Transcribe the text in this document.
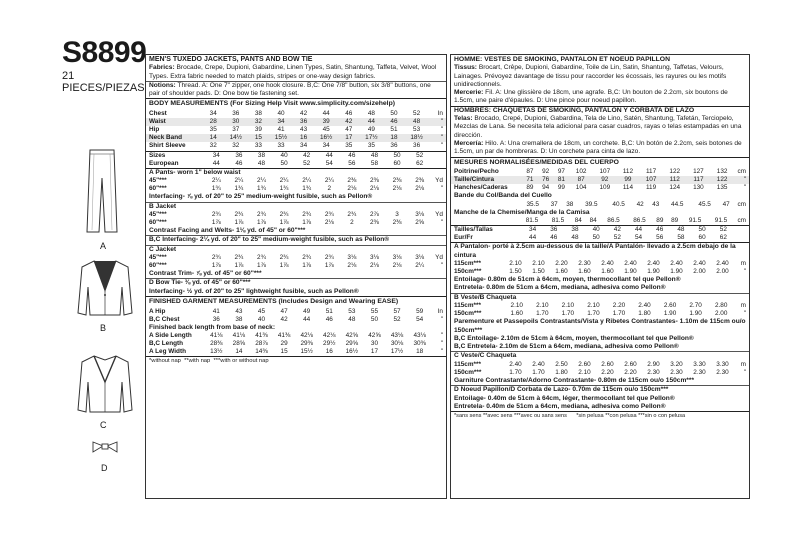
S8899
21 PIECES/PIEZAS
A
B
C
D
MEN'S TUXEDO JACKETS, PANTS AND BOW TIE
Fabrics: Brocade, Crepe, Dupioni, Gabardine, Linen Types, Satin, Shantung, Taffeta, Velvet, Wool Types. Extra fabric needed to match plaids, stripes or one-way design fabrics.
Notions: Thread. A: One 7" zipper, one hook closure. B,C: One 7/8" button, six 3/8" buttons, one pair of shoulder pads. D: One bow tie fastening set.
BODY MEASUREMENTS (For Sizing Help Visit www.simplicity.com/sizehelp)
Chest	34	36	38	40	42	44	46	48	50	52	In
Waist	28	30	32	34	36	39	42	44	46	48	"
Hip	35	37	39	41	43	45	47	49	51	53	"
Neck Band	14	14½	15	15½	16	16½	17	17½	18	18½	"
Shirt Sleeve	32	32	33	33	34	34	35	35	36	36	"
Sizes	34	36	38	40	42	44	46	48	50	52	
European	44	46	48	50	52	54	56	58	60	62	
A Pants- worn 1" below waist
45"***	2¼	2¼	2¼	2¼	2¼	2¼	2⅜	2⅜	2⅜	2⅜	Yd
60"***	1¾	1¾	1¾	1¾	1¾	2	2⅛	2⅛	2⅛	2⅛	"
Interfacing- ⅞ yd. of 20" to 25" medium-weight fusible, such as Pellon®
B Jacket
45"***	2¾	2¾	2¾	2¾	2¾	2¾	2¾	2⅞	3	3⅛	Yd
60"***	1⅞	1⅞	1⅞	1⅞	1⅞	2⅛	2	2⅜	2⅜	2⅝	"
Contrast Facing and Welts- 1⅛ yd. of 45" or 60"***
B,C Interfacing- 2¼ yd. of 20" to 25" medium-weight fusible, such as Pellon®
C Jacket
45"***	2¾	2¾	2¾	2¾	2¾	2¾	3⅛	3⅛	3⅛	3⅛	Yd
60"***	1⅞	1⅞	1⅞	1⅞	1⅞	1⅞	2⅛	2⅛	2⅛	2¼	"
Contrast Trim- ⅞ yd. of 45" or 60"***
D Bow Tie- ⅜ yd. of 45" or 60"***
Interfacing- ½ yd. of 20" to 25" lightweight fusible, such as Pellon®
FINISHED GARMENT MEASUREMENTS (Includes Design and Wearing EASE)
A Hip	41	43	45	47	49	51	53	55	57	59	In
B,C Chest	36	38	40	42	44	46	48	50	52	54	"
Finished back length from base of neck:
A Side Length	41⅛	41⅛	41⅜	41⅜	42⅛	42⅛	42⅝	42⅝	43⅛	43⅛	"
B,C Length	28⅜	28⅝	28⅞	29	29⅜	29½	29⅝	30	30⅛	30⅜	"
A Leg Width	13½	14	14⅜	15	15½	16	16½	17	17½	18	"
*without nap **with nap ***with or without nap
HOMME: VESTES DE SMOKING, PANTALON ET NOEUD PAPILLON
Tissus: Brocart, Crêpe, Dupioni, Gabardine, Toile de Lin, Satin, Shantung, Taffetas, Velours, Lainages. Prévoyez davantage de tissu pour raccorder les écossais, les rayures ou les motifs unidirectionnels.
Mercerie: Fil. A: Une glissière de 18cm, une agrafe. B,C: Un bouton de 2.2cm, six boutons de 1.5cm, une paire d'épaules. D: Une pince pour noeud papillon.
HOMBRES: CHAQUETAS DE SMOKING, PANTALÓN Y CORBATA DE LAZO
Telas: Brocado, Crepé, Dupioni, Gabardina, Tela de Lino, Satén, Shantung, Tafetán, Terciopelo, Mezclas de Lana. Se necesita tela adicional para casar cuadros, rayas o telas estampadas en una dirección.
Mercería: Hilo. A: Una cremallera de 18cm, un corchete. B,C: Un botón de 2.2cm, seis botones de 1.5cm, un par de hombreras. D: Un corchete para cinta de lazo.
MESURES NORMALISÉES/MEDIDAS DEL CUERPO
Poitrine/Pecho	87	92	97	102	107	112	117	122	127	132	cm
Taille/Cintura	71	76	81	87	92	99	107	112	117	122	"
Hanches/Caderas	89	94	99	104	109	114	119	124	130	135	"
Bande du Col/Banda del Cuello
	35.5	37	38	39.5	40.5	42	43	44.5	45.5	47	cm
Manche de la Chemise/Manga de la Camisa
	81.5	81.5	84	84	86.5	86.5	89	89	91.5	91.5	cm
Tailles/Tallas	34	36	38	40	42	44	46	48	50	52	
Eur/Fr	44	46	48	50	52	54	56	58	60	62	
A Pantalon- porté à 2.5cm au-dessous de la taille/A Pantalón- llevado a 2.5cm debajo de la cintura
115cm***	2.10	2.10	2.20	2.30	2.40	2.40	2.40	2.40	2.40	2.40	m
150cm***	1.50	1.50	1.60	1.60	1.60	1.90	1.90	1.90	2.00	2.00	"
Entoilage- 0.80m de 51cm à 64cm, moyen, thermocollant tel que Pellon®
Entretela- 0.80m de 51cm a 64cm, mediana, adhesiva como Pellon®
B Veste/B Chaqueta
115cm***	2.10	2.10	2.10	2.10	2.20	2.40	2.60	2.70	2.80	m
150cm***	1.60	1.70	1.70	1.70	1.70	1.80	1.90	1.90	2.00	"
Parementure et Passepoils Contrastants/Vista y Ribetes Contrastantes- 1.10m de 115cm ou/o 150cm***
B,C Entoilage- 2.10m de 51cm à 64cm, moyen, thermocollant tel que Pellon®
B,C Entretela- 2.10m de 51cm a 64cm, mediana, adhesiva como Pellon®
C Veste/C Chaqueta
115cm***	2.40	2.40	2.50	2.60	2.60	2.60	2.90	3.20	3.30	3.30	m
150cm***	1.70	1.70	1.80	2.10	2.20	2.20	2.30	2.30	2.30	2.30	"
Garniture Contrastante/Adorno Contrastante- 0.80m de 115cm ou/o 150cm***
D Noeud Papillon/D Corbata de Lazo- 0.70m de 115cm ou/o 150cm***
Entoilage- 0.40m de 51cm à 64cm, léger, thermocollant tel que Pellon®
Entretela- 0.40m de 51cm a 64cm, mediana, adhesiva como Pellon®
*sans sens **avec sens ***avec ou sans sens *sin pelusa **con pelusa ***sin o con pelusa
